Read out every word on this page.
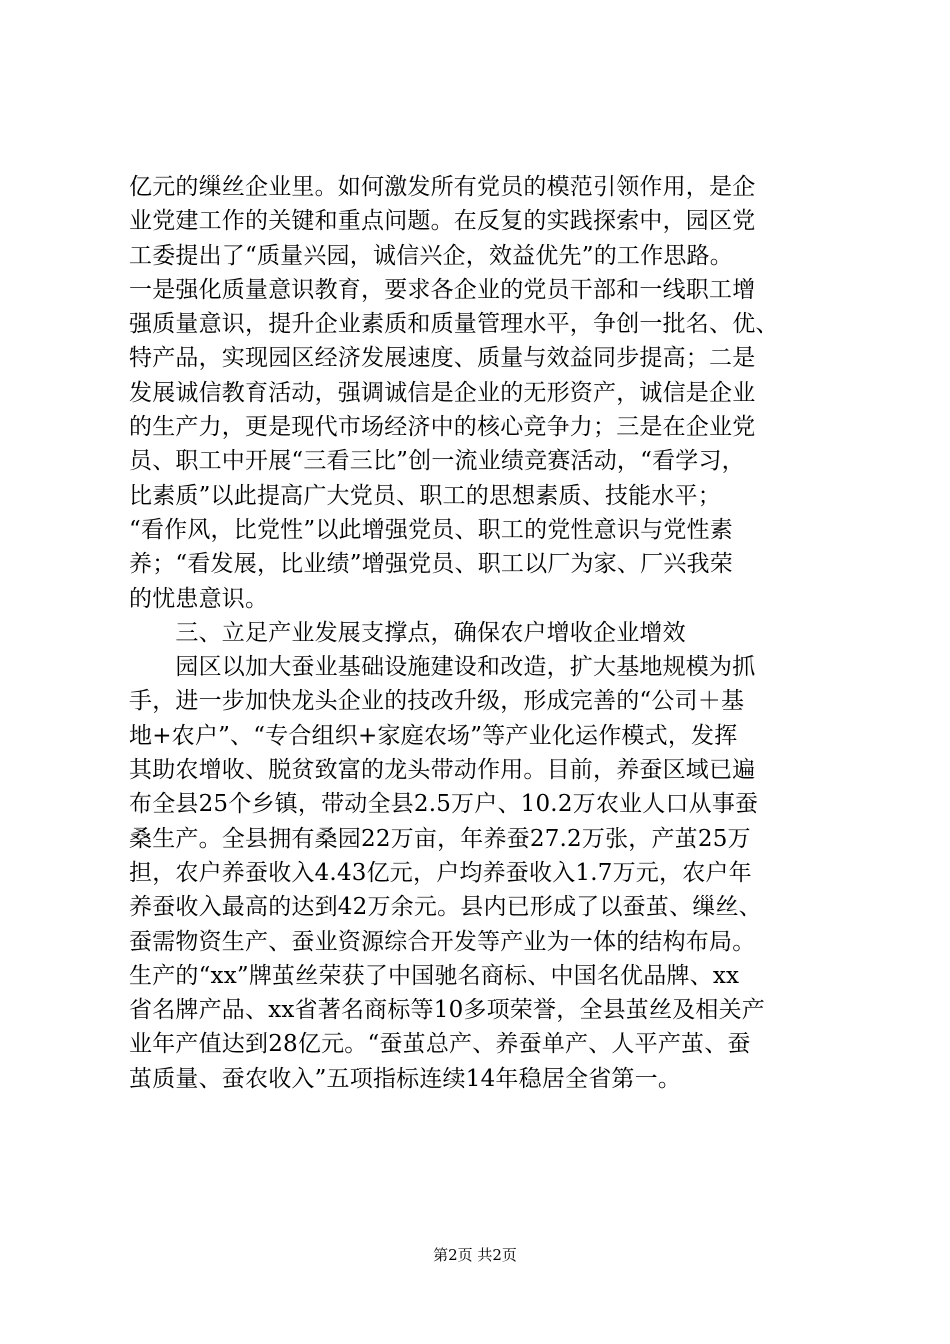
亿元的缫丝企业里。如何激发所有党员的模范引领作用，是企
业党建工作的关键和重点问题。在反复的实践探索中，园区党
工委提出了“质量兴园，诚信兴企，效益优先”的工作思路。
一是强化质量意识教育，要求各企业的党员干部和一线职工增
强质量意识，提升企业素质和质量管理水平，争创一批名、优、
特产品，实现园区经济发展速度、质量与效益同步提高；二是
发展诚信教育活动，强调诚信是企业的无形资产，诚信是企业
的生产力，更是现代市场经济中的核心竞争力；三是在企业党
员、职工中开展“三看三比”创一流业绩竞赛活动，“看学习，
比素质”以此提高广大党员、职工的思想素质、技能水平；
“看作风，比党性”以此增强党员、职工的党性意识与党性素
养；“看发展，比业绩”增强党员、职工以厂为家、厂兴我荣
的忧患意识。
　　三、立足产业发展支撑点，确保农户增收企业增效
　　园区以加大蚕业基础设施建设和改造，扩大基地规模为抓
手，进一步加快龙头企业的技改升级，形成完善的“公司＋基
地+农户”、“专合组织+家庭农场”等产业化运作模式，发挥
其助农增收、脱贫致富的龙头带动作用。目前，养蚕区域已遍
布全县25个乡镇，带动全县2.5万户、10.2万农业人口从事蚕
桑生产。全县拥有桑园22万亩，年养蚕27.2万张，产茧25万
担，农户养蚕收入4.43亿元，户均养蚕收入1.7万元，农户年
养蚕收入最高的达到42万余元。县内已形成了以蚕茧、缫丝、
蚕需物资生产、蚕业资源综合开发等产业为一体的结构布局。
生产的“xx”牌茧丝荣获了中国驰名商标、中国名优品牌、xx
省名牌产品、xx省著名商标等10多项荣誉，全县茧丝及相关产
业年产值达到28亿元。“蚕茧总产、养蚕单产、人平产茧、蚕
茧质量、蚕农收入”五项指标连续14年稳居全省第一。
第2页 共2页
